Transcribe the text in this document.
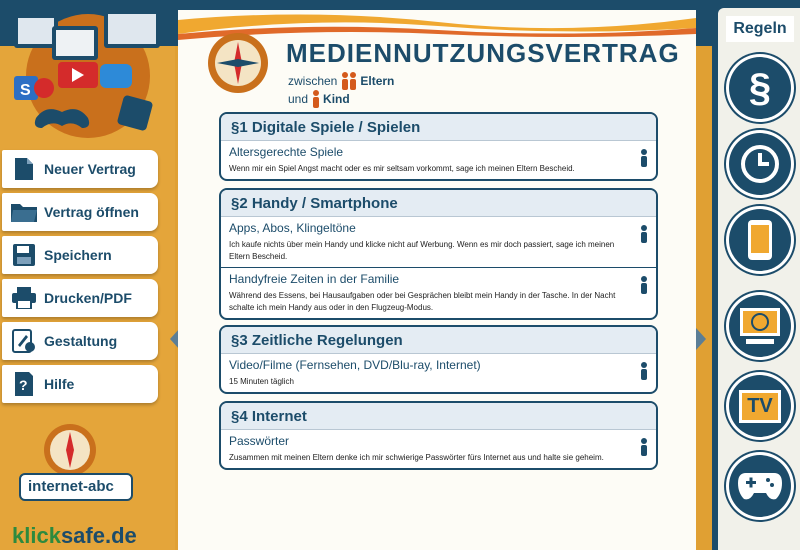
S
Neuer Vertrag
Vertrag öffnen
Speichern
Drucken/PDF
Gestaltung
? Hilfe
internet-abc
klicksafe.de
MEDIENNUTZUNGSVERTRAG
zwischen Eltern
und Kind
§1 Digitale Spiele / Spielen
Altersgerechte Spiele
Wenn mir ein Spiel Angst macht oder es mir seltsam vorkommt, sage ich meinen Eltern Bescheid.
§2 Handy / Smartphone
Apps, Abos, Klingeltöne
Ich kaufe nichts über mein Handy und klicke nicht auf Werbung. Wenn es mir doch passiert, sage ich meinen Eltern Bescheid.
Handyfreie Zeiten in der Familie
Während des Essens, bei Hausaufgaben oder bei Gesprächen bleibt mein Handy in der Tasche. In der Nacht schalte ich mein Handy aus oder in den Flugzeug-Modus.
§3 Zeitliche Regelungen
Video/Filme (Fernsehen, DVD/Blu-ray, Internet)
15 Minuten täglich
§4 Internet
Passwörter
Zusammen mit meinen Eltern denke ich mir schwierige Passwörter fürs Internet aus und halte sie geheim.
Regeln
§
TV
